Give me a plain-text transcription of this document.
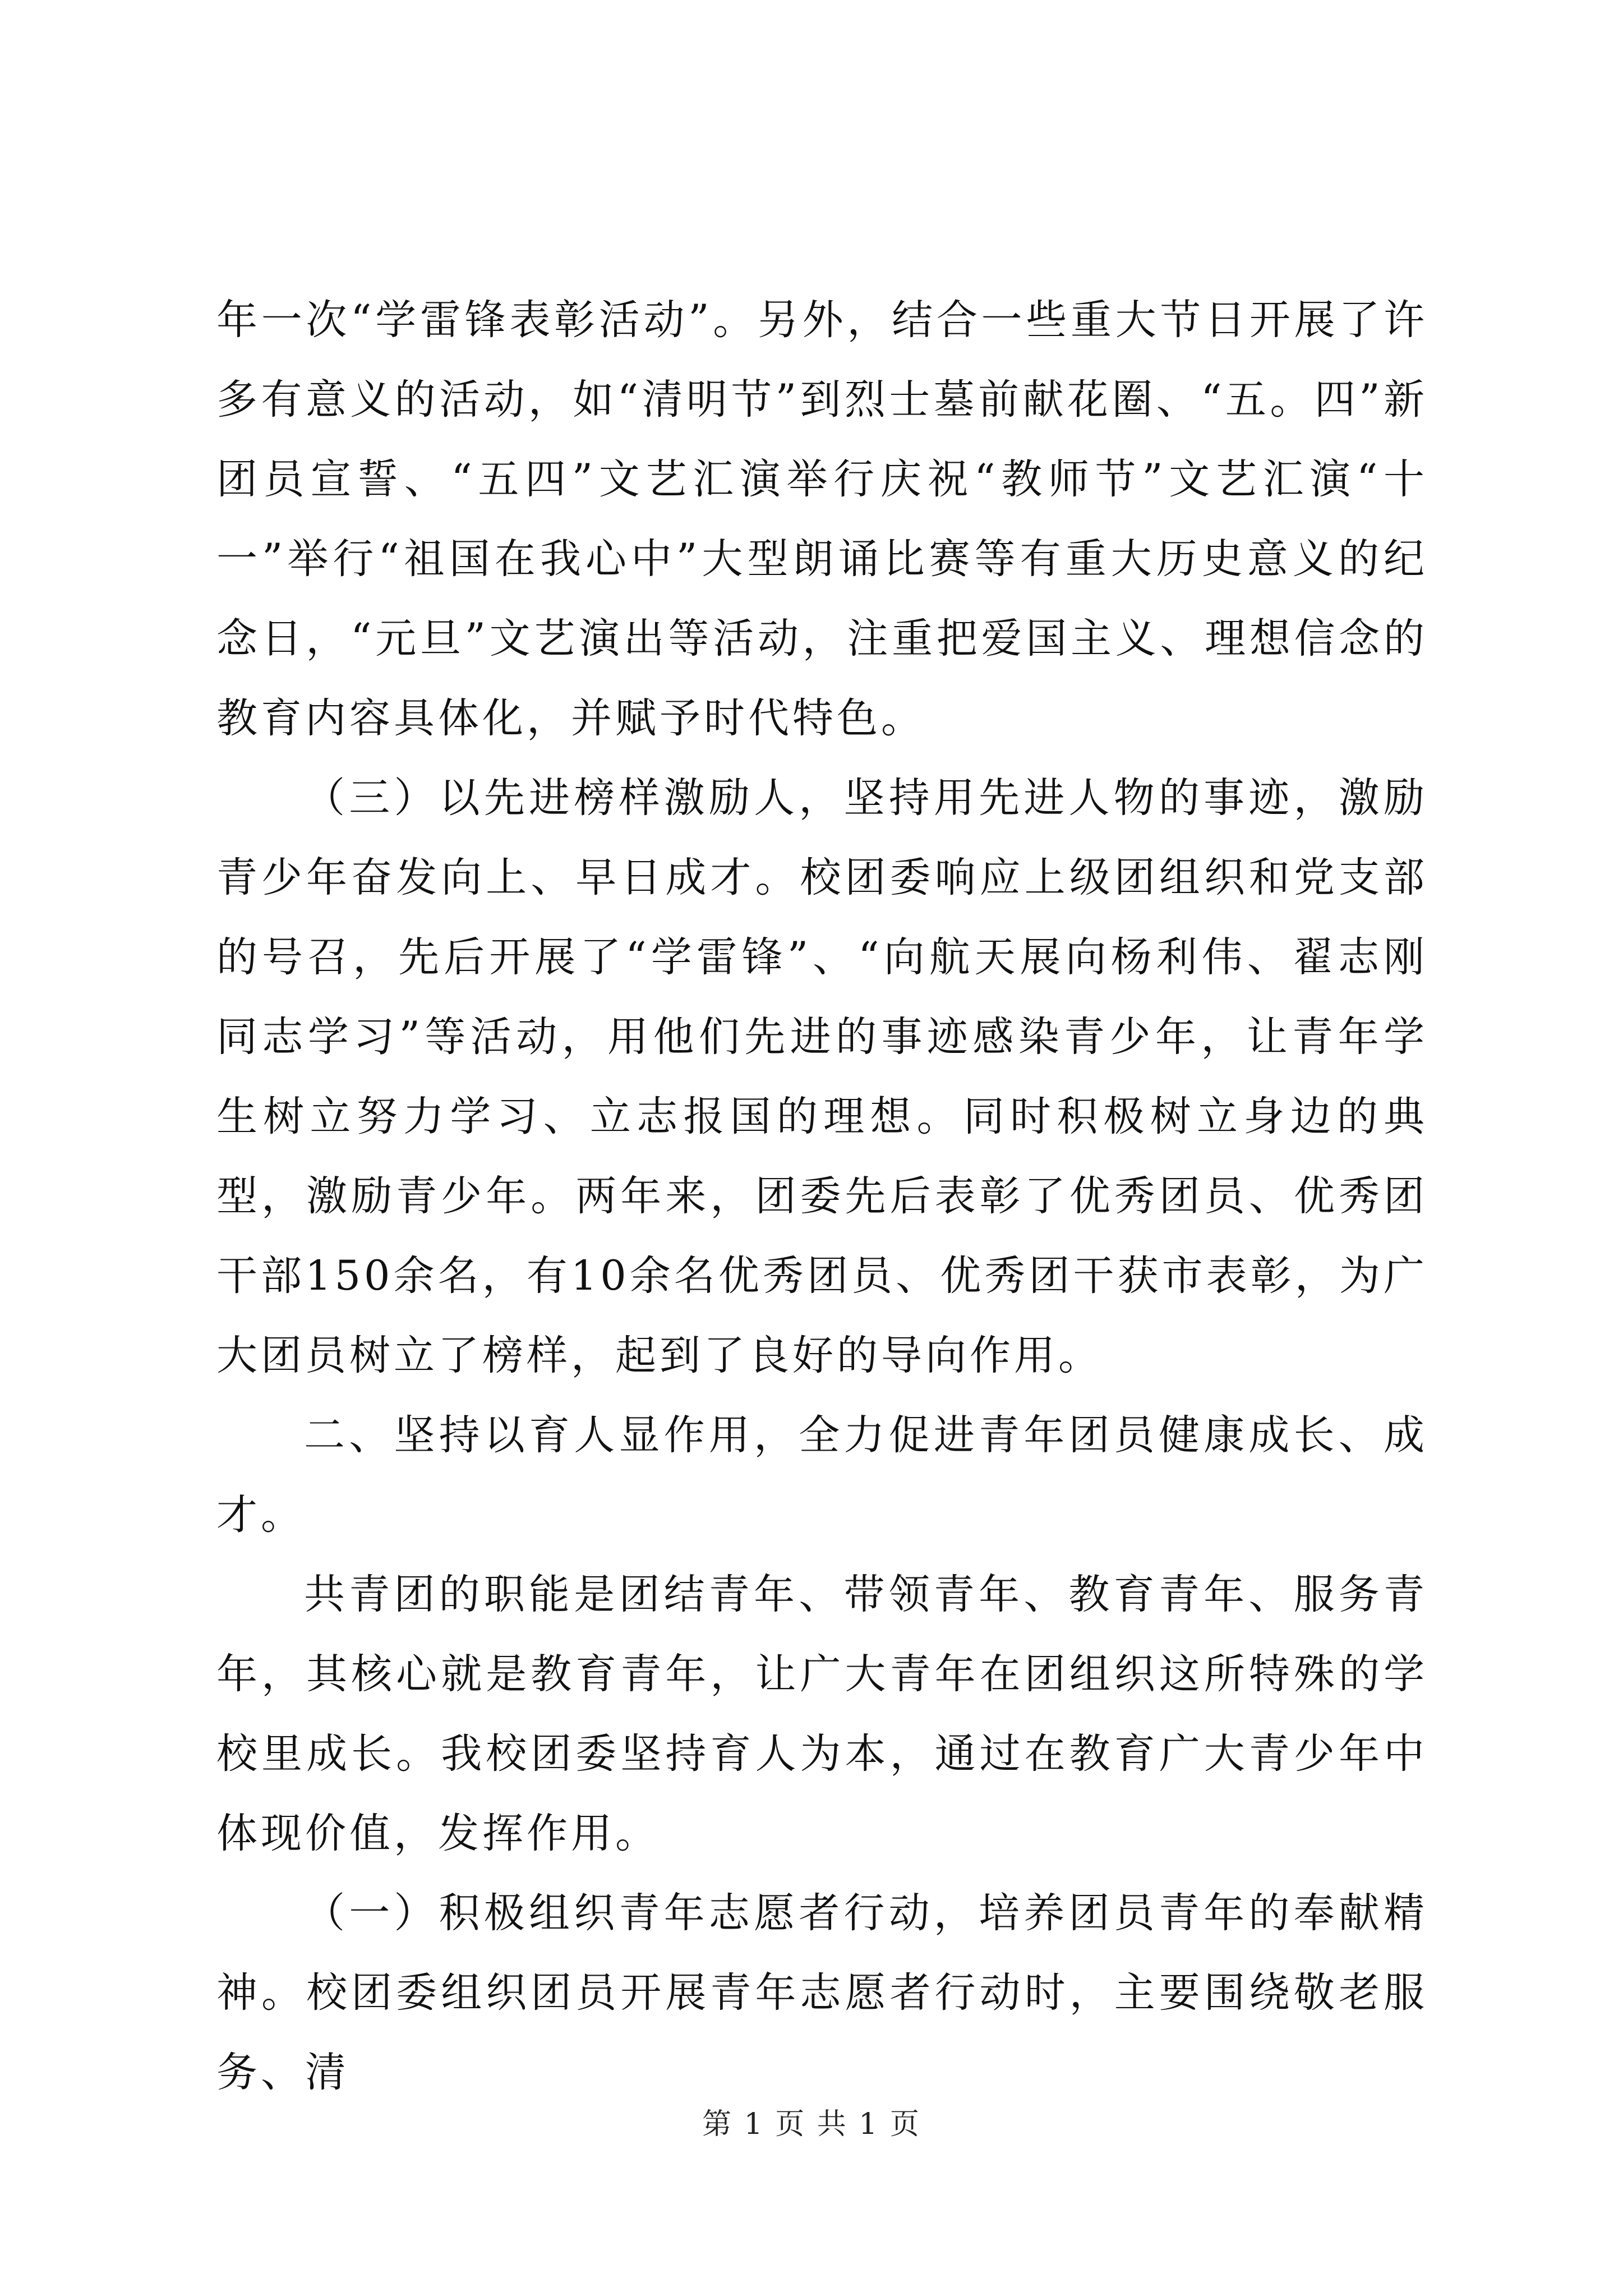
年一次“学雷锋表彰活动”。另外，结合一些重大节日开展了许多有意义的活动，如“清明节”到烈士墓前献花圈、“五。四”新团员宣誓、“五四”文艺汇演举行庆祝“教师节”文艺汇演“十一”举行“祖国在我心中”大型朗诵比赛等有重大历史意义的纪念日，“元旦”文艺演出等活动，注重把爱国主义、理想信念的教育内容具体化，并赋予时代特色。

（三）以先进榜样激励人，坚持用先进人物的事迹，激励青少年奋发向上、早日成才。校团委响应上级团组织和党支部的号召，先后开展了“学雷锋”、“向航天展向杨利伟、翟志刚同志学习”等活动，用他们先进的事迹感染青少年，让青年学生树立努力学习、立志报国的理想。同时积极树立身边的典型，激励青少年。两年来，团委先后表彰了优秀团员、优秀团干部150余名，有10余名优秀团员、优秀团干获市表彰，为广大团员树立了榜样，起到了良好的导向作用。

二、坚持以育人显作用，全力促进青年团员健康成长、成才。

共青团的职能是团结青年、带领青年、教育青年、服务青年，其核心就是教育青年，让广大青年在团组织这所特殊的学校里成长。我校团委坚持育人为本，通过在教育广大青少年中体现价值，发挥作用。

（一）积极组织青年志愿者行动，培养团员青年的奉献精神。校团委组织团员开展青年志愿者行动时，主要围绕敬老服务、清

第 1 页 共 1 页
